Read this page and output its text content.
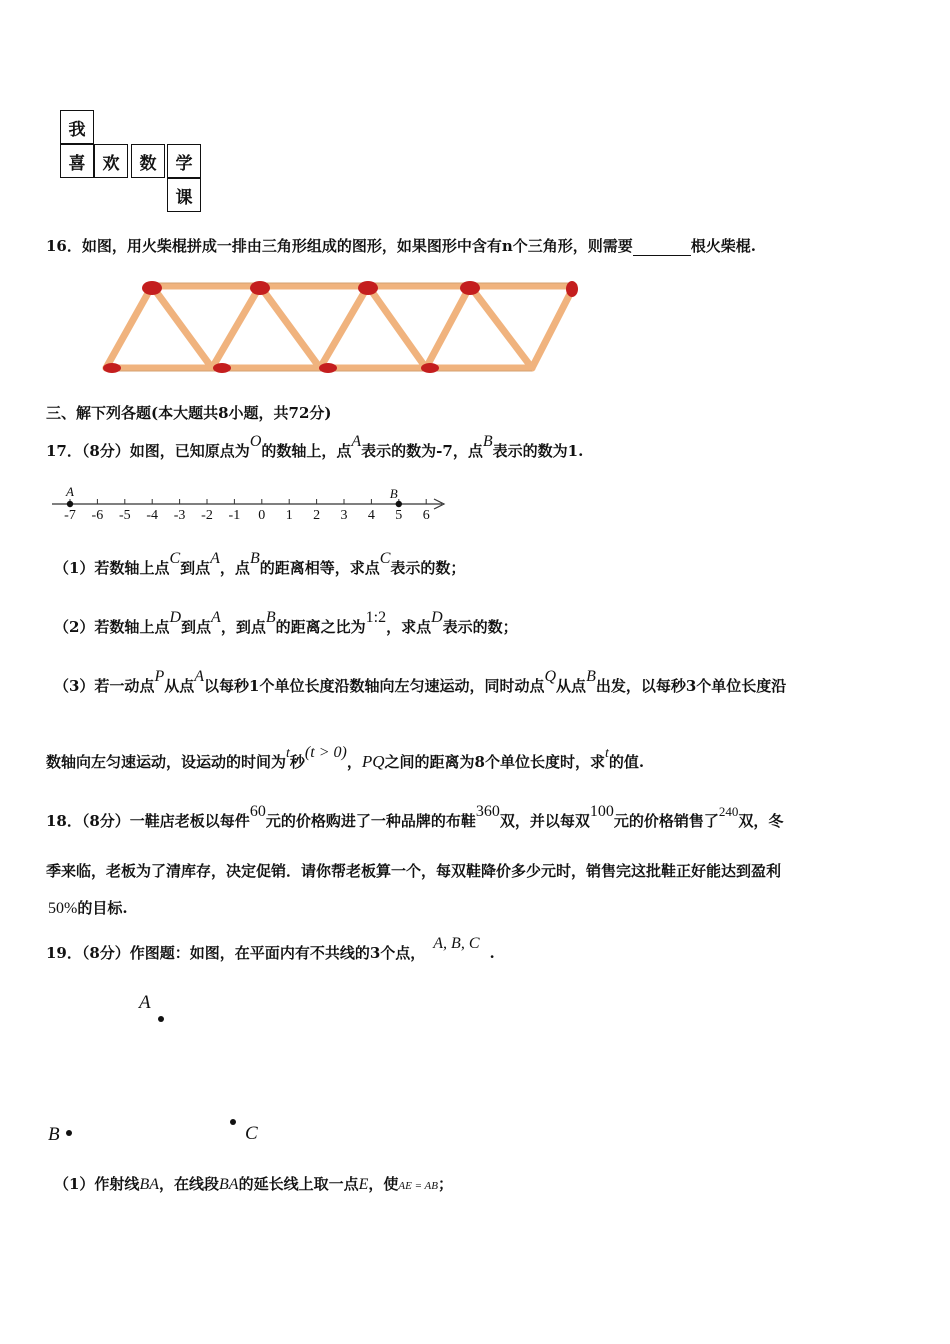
我
喜	欢	数	学
课
16．如图，用火柴棍拼成一排由三角形组成的图形，如果图形中含有n个三角形，则需要	根火柴棍.
三、解下列各题(本大题共8小题，共72分)
17．（8分）如图，已知原点为O的数轴上，点A表示的数为-7，点B表示的数为1.
A	B
-7	-6	-5	-4	-3	-2	-1	0	1	2	3	4	5	6
（1）若数轴上点C到点A，点B的距离相等，求点C表示的数；
（2）若数轴上点D到点A，到点B的距离之比为1:2，求点D表示的数；
（3）若一动点P从点A以每秒1个单位长度沿数轴向左匀速运动，同时动点Q从点B出发，以每秒3个单位长度沿
数轴向左匀速运动，设运动的时间为t秒(t > 0)，PQ之间的距离为8个单位长度时，求t的值.
18．（8分）一鞋店老板以每件60元的价格购进了一种品牌的布鞋360双，并以每双100元的价格销售了240双，冬
季来临，老板为了清库存，决定促销．请你帮老板算一个，每双鞋降价多少元时，销售完这批鞋正好能达到盈利
50%的目标.
19．（8分）作图题：如图，在平面内有不共线的3个点，A, B, C.
A
B	C
（1）作射线BA，在线段BA的延长线上取一点E，使AE = AB；
